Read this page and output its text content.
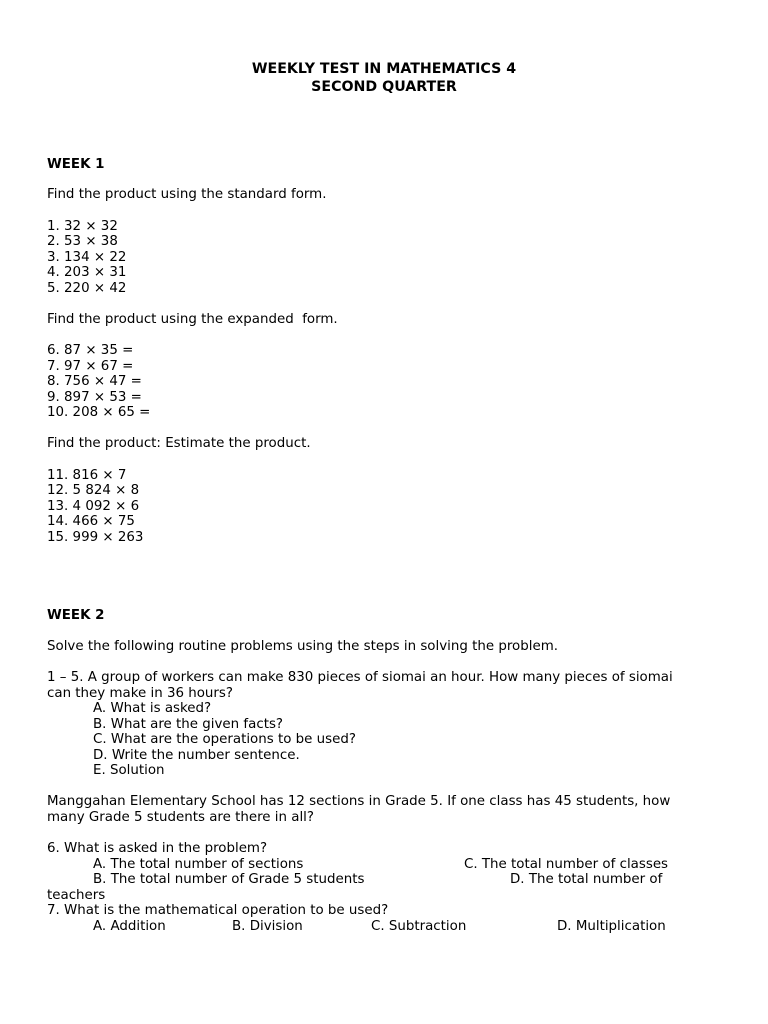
WEEKLY TEST IN MATHEMATICS 4
SECOND QUARTER
WEEK 1
Find the product using the standard form.
1. 32 × 32
2. 53 × 38
3. 134 × 22
4. 203 × 31
5. 220 × 42
Find the product using the expanded  form.
6. 87 × 35 =
7. 97 × 67 =
8. 756 × 47 =
9. 897 × 53 =
10. 208 × 65 =
Find the product: Estimate the product.
11. 816 × 7
12. 5 824 × 8
13. 4 092 × 6
14. 466 × 75
15. 999 × 263
WEEK 2
Solve the following routine problems using the steps in solving the problem.
1 – 5. A group of workers can make 830 pieces of siomai an hour. How many pieces of siomai
can they make in 36 hours?
A. What is asked?
B. What are the given facts?
C. What are the operations to be used?
D. Write the number sentence.
E. Solution
Manggahan Elementary School has 12 sections in Grade 5. If one class has 45 students, how
many Grade 5 students are there in all?
6. What is asked in the problem?
A. The total number of sections	C. The total number of classes
B. The total number of Grade 5 students	D. The total number of
teachers
7. What is the mathematical operation to be used?
A. Addition	B. Division	C. Subtraction	D. Multiplication
